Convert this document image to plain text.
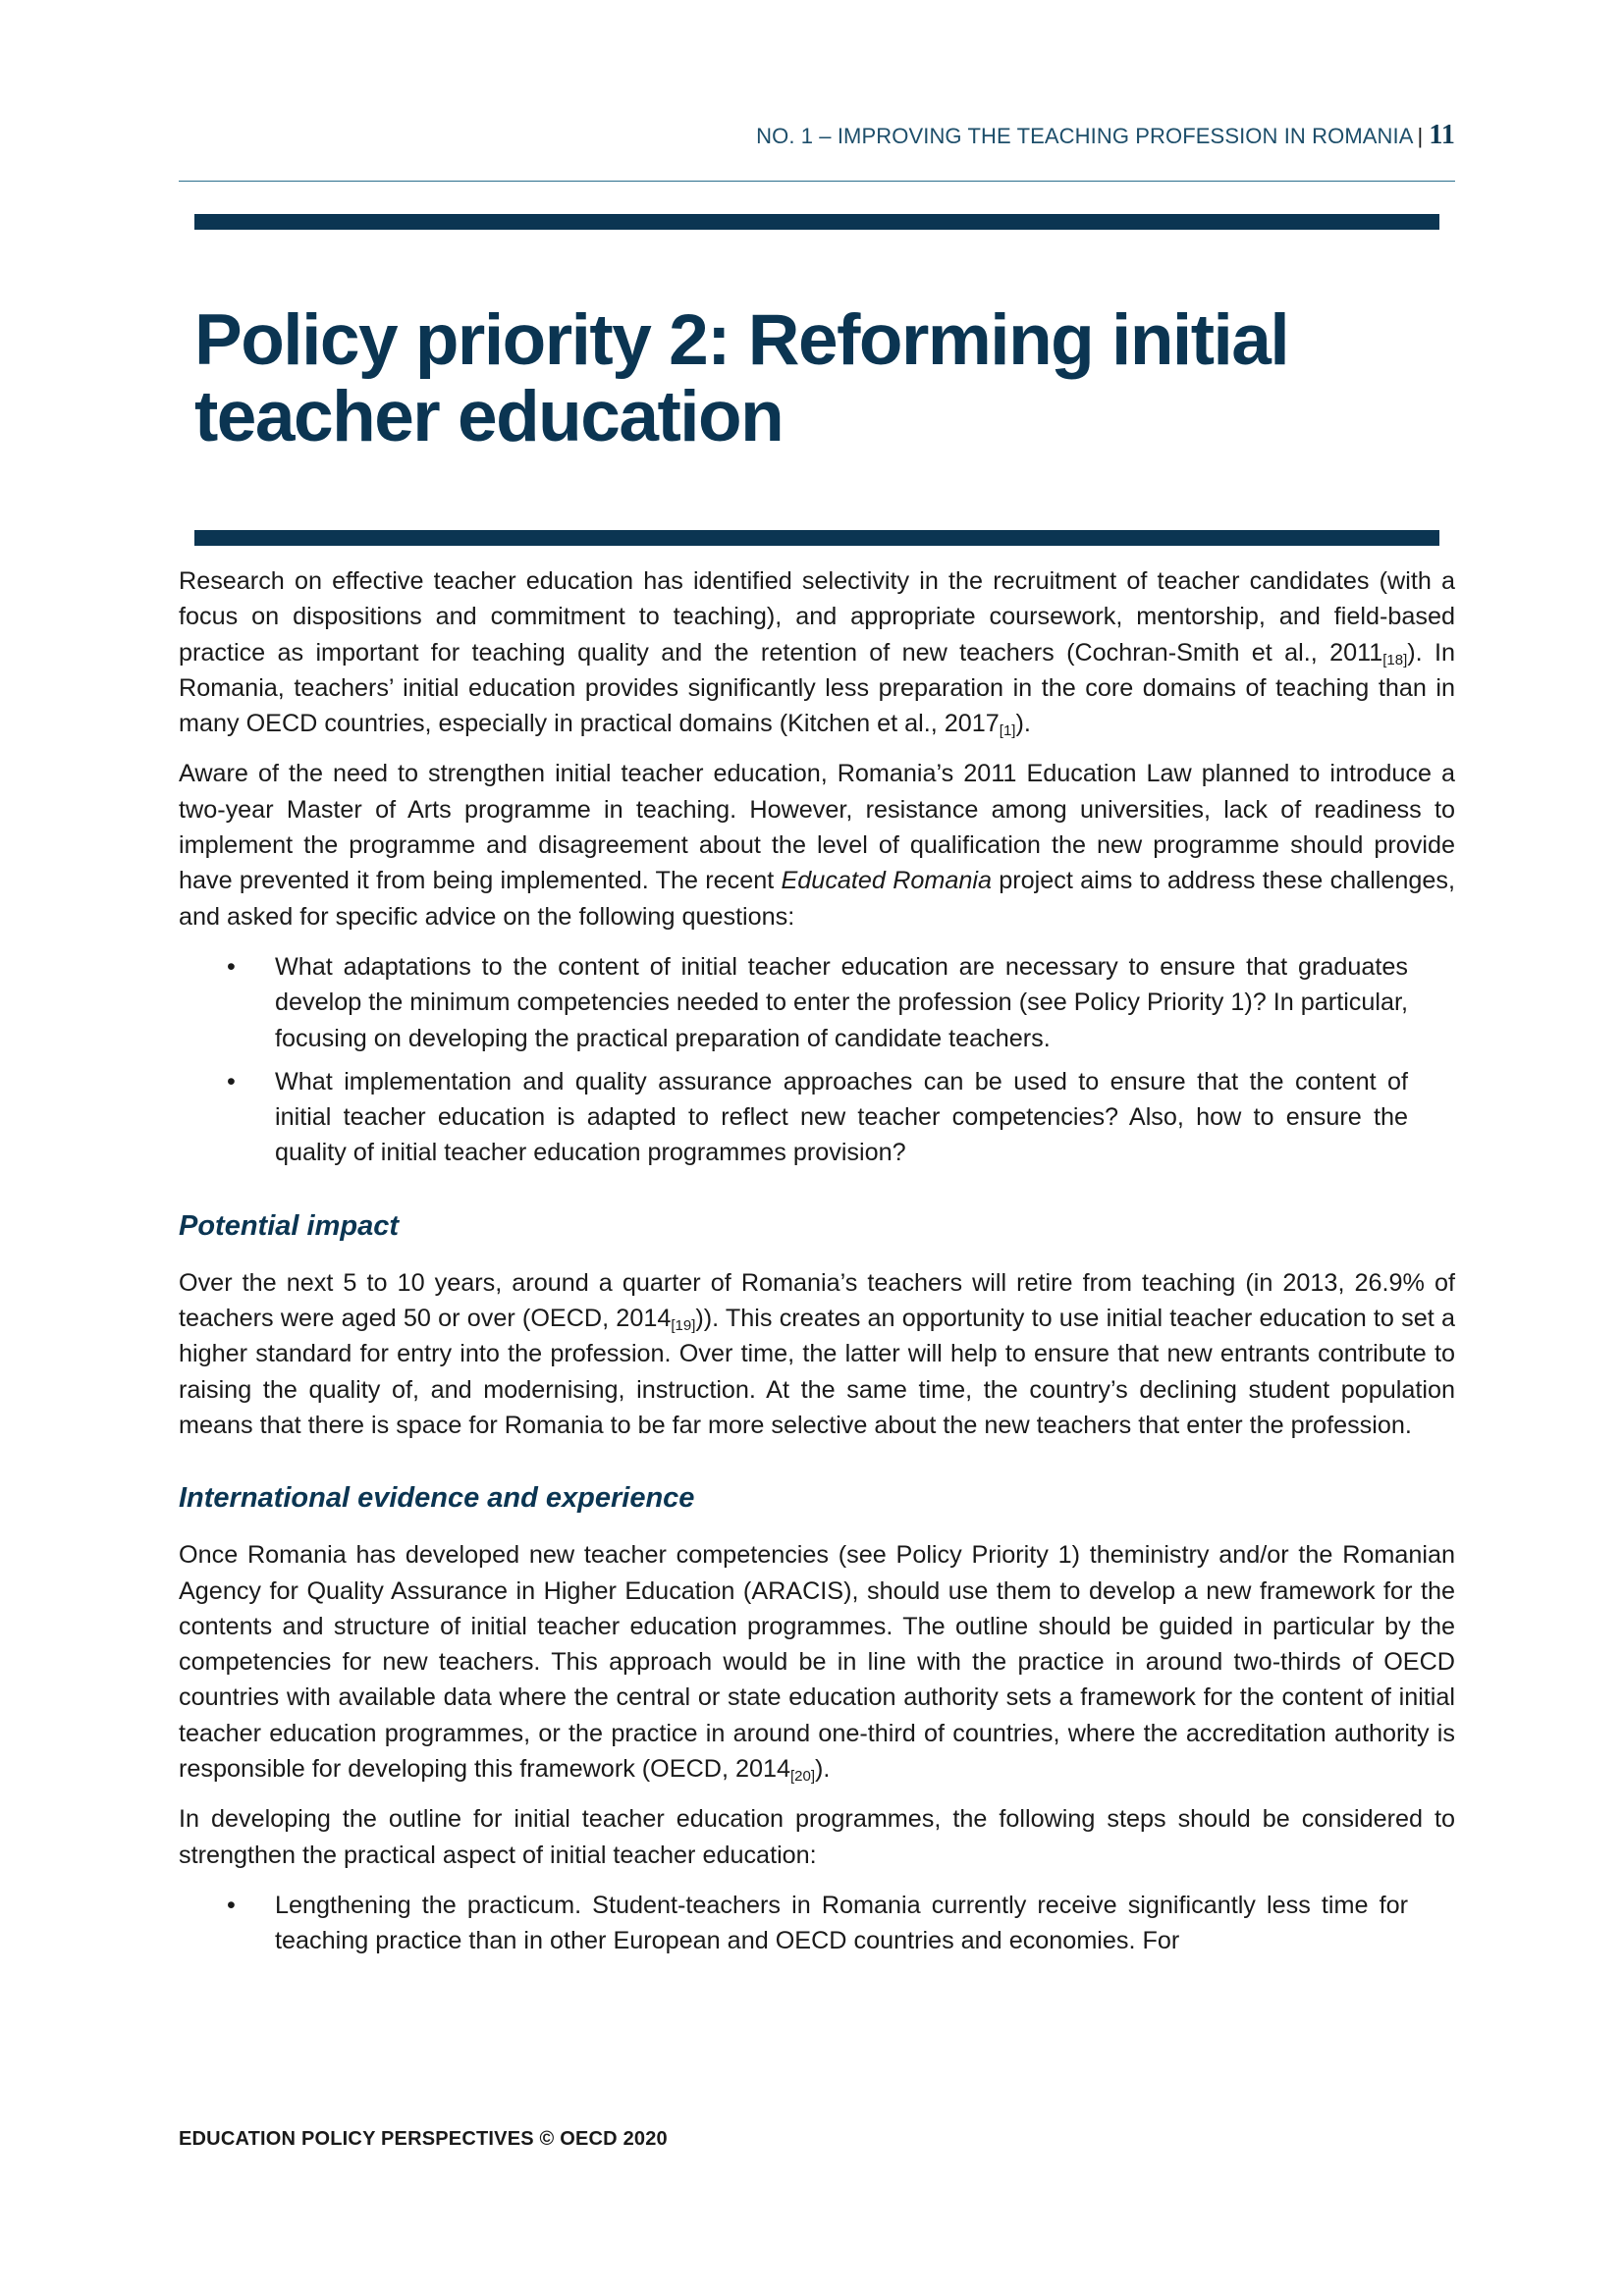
NO. 1 – IMPROVING THE TEACHING PROFESSION IN ROMANIA | 11
Policy priority 2: Reforming initial
teacher education

Research on effective teacher education has identified selectivity in the recruitment of teacher candidates (with a focus on dispositions and commitment to teaching), and appropriate coursework, mentorship, and field-based practice as important for teaching quality and the retention of new teachers (Cochran-Smith et al., $2011_{[18]}$). In Romania, teachers’ initial education provides significantly less preparation in the core domains of teaching than in many OECD countries, especially in practical domains (Kitchen et al., $2017_{[1]}$).

Aware of the need to strengthen initial teacher education, Romania’s 2011 Education Law planned to introduce a two-year Master of Arts programme in teaching. However, resistance among universities, lack of readiness to implement the programme and disagreement about the level of qualification the new programme should provide have prevented it from being implemented. The recent Educated Romania project aims to address these challenges, and asked for specific advice on the following questions:

• What adaptations to the content of initial teacher education are necessary to ensure that graduates develop the minimum competencies needed to enter the profession (see Policy Priority 1)? In particular, focusing on developing the practical preparation of candidate teachers.
• What implementation and quality assurance approaches can be used to ensure that the content of initial teacher education is adapted to reflect new teacher competencies? Also, how to ensure the quality of initial teacher education programmes provision?
Potential impact

Over the next 5 to 10 years, around a quarter of Romania’s teachers will retire from teaching (in 2013, 26.9% of teachers were aged 50 or over (OECD, $2014_{[19]}$)). This creates an opportunity to use initial teacher education to set a higher standard for entry into the profession. Over time, the latter will help to ensure that new entrants contribute to raising the quality of, and modernising, instruction. At the same time, the country’s declining student population means that there is space for Romania to be far more selective about the new teachers that enter the profession.

International evidence and experience

Once Romania has developed new teacher competencies (see Policy Priority 1) theministry and/or the Romanian Agency for Quality Assurance in Higher Education (ARACIS), should use them to develop a new framework for the contents and structure of initial teacher education programmes. The outline should be guided in particular by the competencies for new teachers. This approach would be in line with the practice in around two-thirds of OECD countries with available data where the central or state education authority sets a framework for the content of initial teacher education programmes, or the practice in around one-third of countries, where the accreditation authority is responsible for developing this framework (OECD, $2014_{[20]}$).

In developing the outline for initial teacher education programmes, the following steps should be considered to strengthen the practical aspect of initial teacher education:

• Lengthening the practicum. Student-teachers in Romania currently receive significantly less time for teaching practice than in other European and OECD countries and economies. For
EDUCATION POLICY PERSPECTIVES © OECD 2020
